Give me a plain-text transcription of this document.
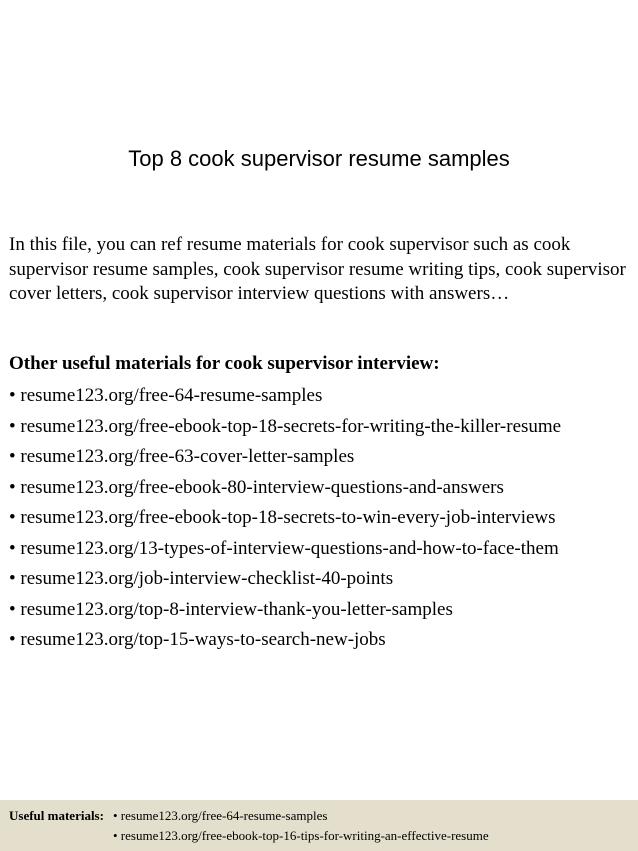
Top 8 cook supervisor resume samples

In this file, you can ref resume materials for cook supervisor such as cook supervisor resume samples, cook supervisor resume writing tips, cook supervisor cover letters, cook supervisor interview questions with answers…

Other useful materials for cook supervisor interview:

• resume123.org/free-64-resume-samples
• resume123.org/free-ebook-top-18-secrets-for-writing-the-killer-resume
• resume123.org/free-63-cover-letter-samples
• resume123.org/free-ebook-80-interview-questions-and-answers
• resume123.org/free-ebook-top-18-secrets-to-win-every-job-interviews
• resume123.org/13-types-of-interview-questions-and-how-to-face-them
• resume123.org/job-interview-checklist-40-points
• resume123.org/top-8-interview-thank-you-letter-samples
• resume123.org/top-15-ways-to-search-new-jobs
Useful materials: • resume123.org/free-64-resume-samples
• resume123.org/free-ebook-top-16-tips-for-writing-an-effective-resume
